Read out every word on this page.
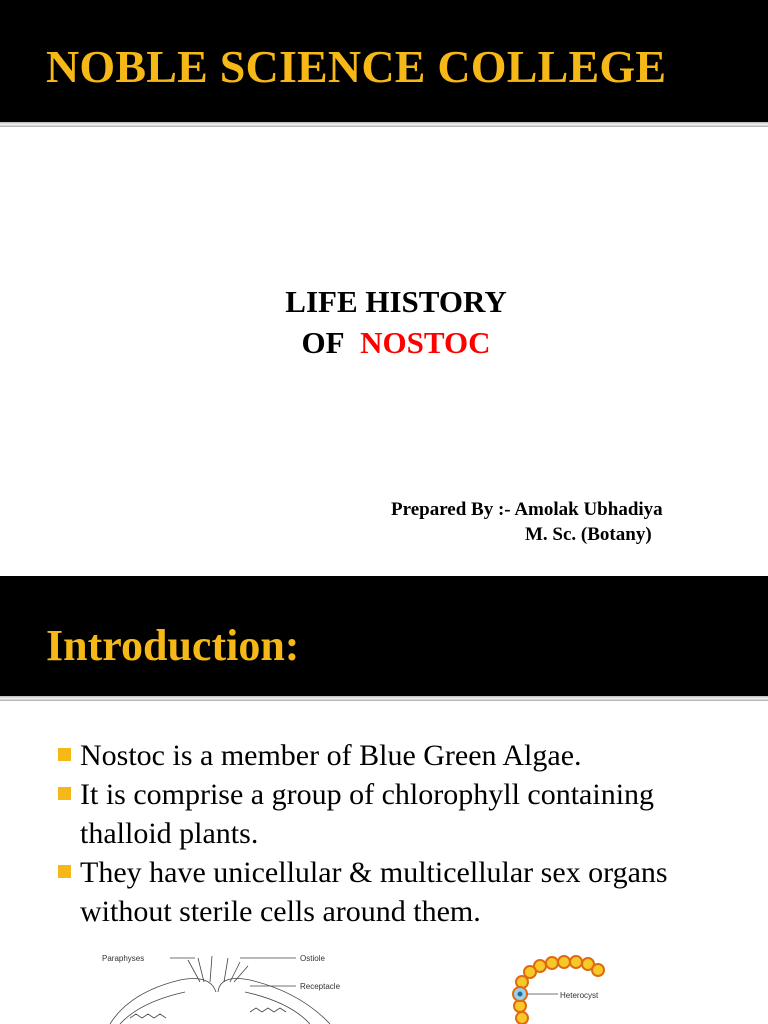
NOBLE SCIENCE COLLEGE
LIFE HISTORY
OF NOSTOC
Prepared By :- Amolak Ubhadiya
M. Sc. (Botany)
Introduction:
Nostoc is a member of Blue Green Algae.
It is comprise a group of chlorophyll containing thalloid plants.
They have unicellular & multicellular sex organs without sterile cells around them.
Paraphyses	Ostiole
Receptacle
Heterocyst
